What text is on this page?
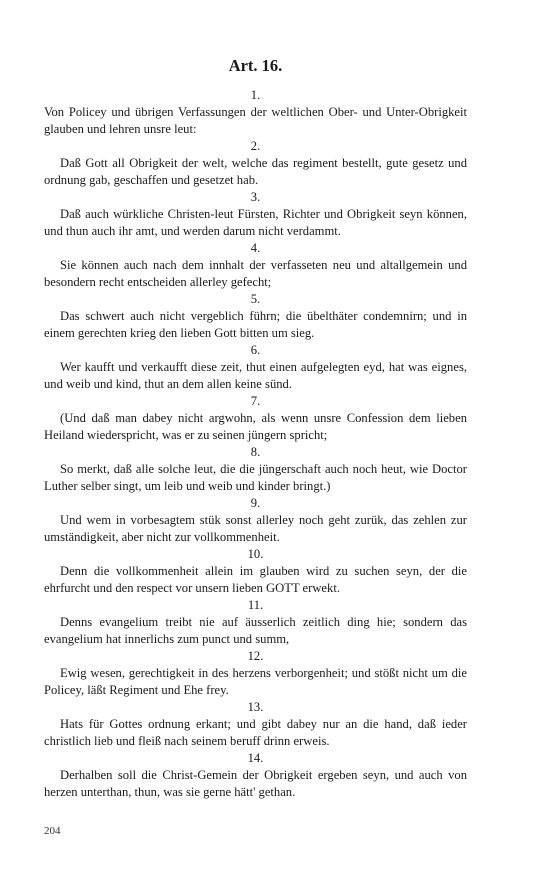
Art. 16.

1.

Von Policey und übrigen Verfassungen der weltlichen Ober- und Unter-Obrigkeit glauben und lehren unsre leut:

2.

Daß Gott all Obrigkeit der welt, welche das regiment bestellt, gute gesetz und ordnung gab, geschaffen und gesetzet hab.

3.

Daß auch würkliche Christen-leut Fürsten, Richter und Obrigkeit seyn können, und thun auch ihr amt, und werden darum nicht verdammt.

4.

Sie können auch nach dem innhalt der verfasseten neu und altallgemein und besondern recht entscheiden allerley gefecht;

5.

Das schwert auch nicht vergeblich führn; die übelthäter condemnirn; und in einem gerechten krieg den lieben Gott bitten um sieg.

6.

Wer kaufft und verkaufft diese zeit, thut einen aufgelegten eyd, hat was eignes, und weib und kind, thut an dem allen keine sünd.

7.

(Und daß man dabey nicht argwohn, als wenn unsre Confession dem lieben Heiland wiederspricht, was er zu seinen jüngern spricht;

8.

So merkt, daß alle solche leut, die die jüngerschaft auch noch heut, wie Doctor Luther selber singt, um leib und weib und kinder bringt.)

9.

Und wem in vorbesagtem stük sonst allerley noch geht zurük, das zehlen zur umständigkeit, aber nicht zur vollkommenheit.

10.

Denn die vollkommenheit allein im glauben wird zu suchen seyn, der die ehrfurcht und den respect vor unsern lieben GOTT erwekt.

11.

Denns evangelium treibt nie auf äusserlich zeitlich ding hie; sondern das evangelium hat innerlichs zum punct und summ,

12.

Ewig wesen, gerechtigkeit in des herzens verborgenheit; und stößt nicht um die Policey, läßt Regiment und Ehe frey.

13.

Hats für Gottes ordnung erkant; und gibt dabey nur an die hand, daß ieder christlich lieb und fleiß nach seinem beruff drinn erweis.

14.

Derhalben soll die Christ-Gemein der Obrigkeit ergeben seyn, und auch von herzen unterthan, thun, was sie gerne hätt' gethan.

204
